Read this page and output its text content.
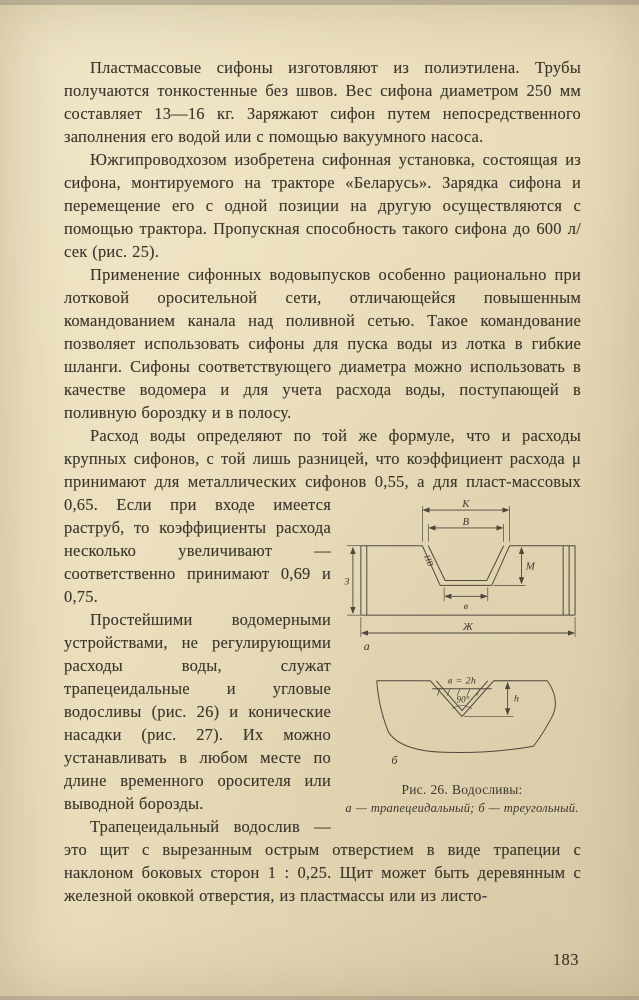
Пластмассовые сифоны изготовляют из полиэтилена. Трубы получаются тонкостенные без швов. Вес сифона диаметром 250 мм составляет 13—16 кг. Заряжают сифон путем непосредственного заполнения его водой или с помощью вакуумного насоса.

Южгипроводхозом изобретена сифонная установка, состоящая из сифона, монтируемого на тракторе «Беларусь». Зарядка сифона и перемещение его с одной позиции на другую осуществляются с помощью трактора. Пропускная способность такого сифона до 600 л/сек (рис. 25).

Применение сифонных водовыпусков особенно рационально при лотковой оросительной сети, отличающейся повышенным командованием канала над поливной сетью. Такое командование позволяет использовать сифоны для пуска воды из лотка в гибкие шланги. Сифоны соответствующего диаметра можно использовать в качестве водомера и для учета расхода воды, поступающей в поливную бороздку и в полосу.

Расход воды определяют по той же формуле, что и расходы крупных сифонов, с той лишь разницей, что коэффициент расхода μ принимают для металлических сифонов 0,55, а для пласт-
К
В
в
М
Ж
З
НВ
а
в = 2h
90°	h
б
Рис. 26. Водосливы:
а — трапецеидальный; б — треугольный.
массовых 0,65. Если при входе имеется раструб, то коэффициенты расхода несколько увеличивают — соответственно принимают 0,69 и 0,75.

Простейшими водомерными устройствами, не регулирующими расходы воды, служат трапецеидальные и угловые водосливы (рис. 26) и конические насадки (рис. 27). Их можно устанавливать в любом месте по длине временного оросителя или выводной борозды.

Трапецеидальный водослив — это щит с вырезанным острым отверстием в виде трапеции с наклоном боковых сторон 1 : 0,25. Щит может быть деревянным с железной оковкой отверстия, из пластмассы или из листо-

183
